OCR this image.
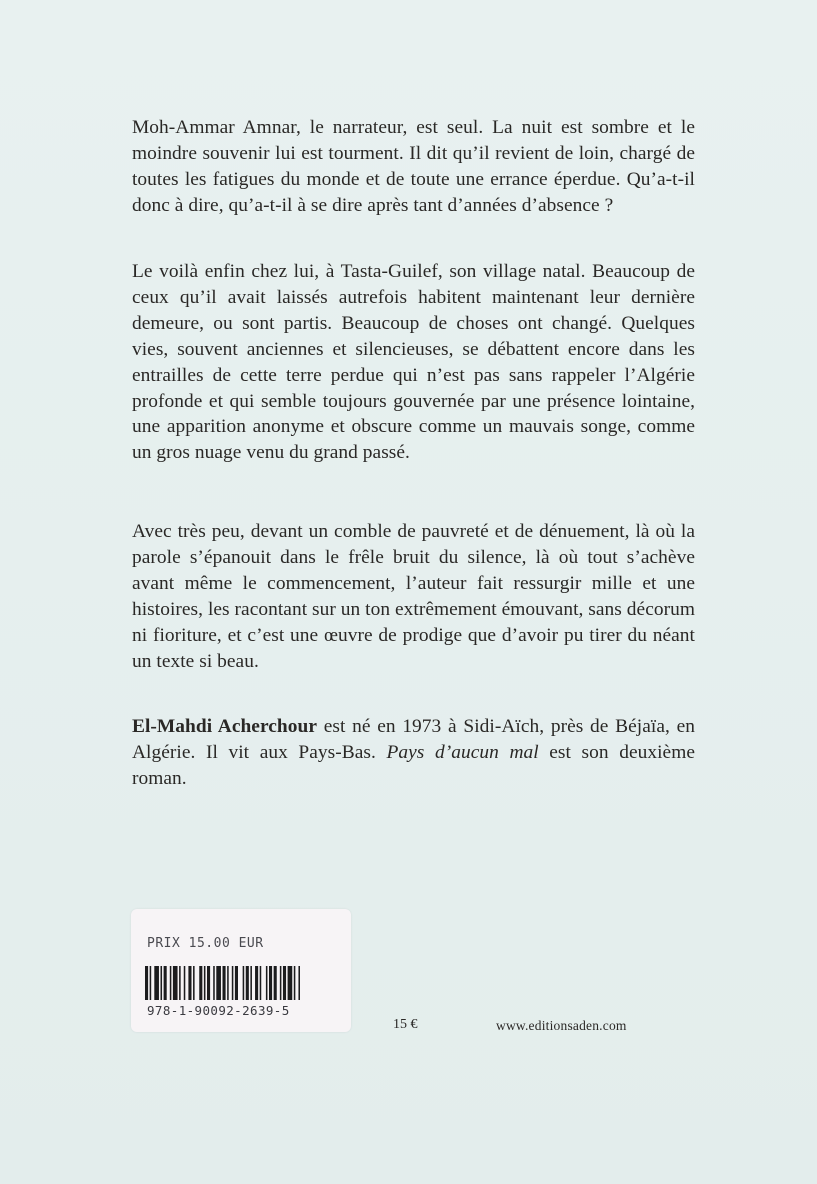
Moh-Ammar Amnar, le narrateur, est seul. La nuit est sombre et le moindre souvenir lui est tourment. Il dit qu’il revient de loin, chargé de toutes les fatigues du monde et de toute une errance éperdue. Qu’a-t-il donc à dire, qu’a-t-il à se dire après tant d’années d’absence ?

Le voilà enfin chez lui, à Tasta-Guilef, son village natal. Beaucoup de ceux qu’il avait laissés autrefois habitent maintenant leur dernière demeure, ou sont partis. Beaucoup de choses ont changé. Quelques vies, souvent anciennes et silencieuses, se débattent encore dans les entrailles de cette terre perdue qui n’est pas sans rappeler l’Algérie profonde et qui semble toujours gouvernée par une présence lointaine, une apparition anonyme et obscure comme un mauvais songe, comme un gros nuage venu du grand passé.

Avec très peu, devant un comble de pauvreté et de dénuement, là où la parole s’épanouit dans le frêle bruit du silence, là où tout s’achève avant même le commencement, l’auteur fait ressurgir mille et une histoires, les racontant sur un ton extrêmement émouvant, sans décorum ni fioriture, et c’est une œuvre de prodige que d’avoir pu tirer du néant un texte si beau.

El-Mahdi Acherchour est né en 1973 à Sidi-Aïch, près de Béjaïa, en Algérie. Il vit aux Pays-Bas. Pays d’aucun mal est son deuxième roman.

PRIX 15.00 EUR
978-1-90092-2639-5
15 €	www.editionsaden.com
